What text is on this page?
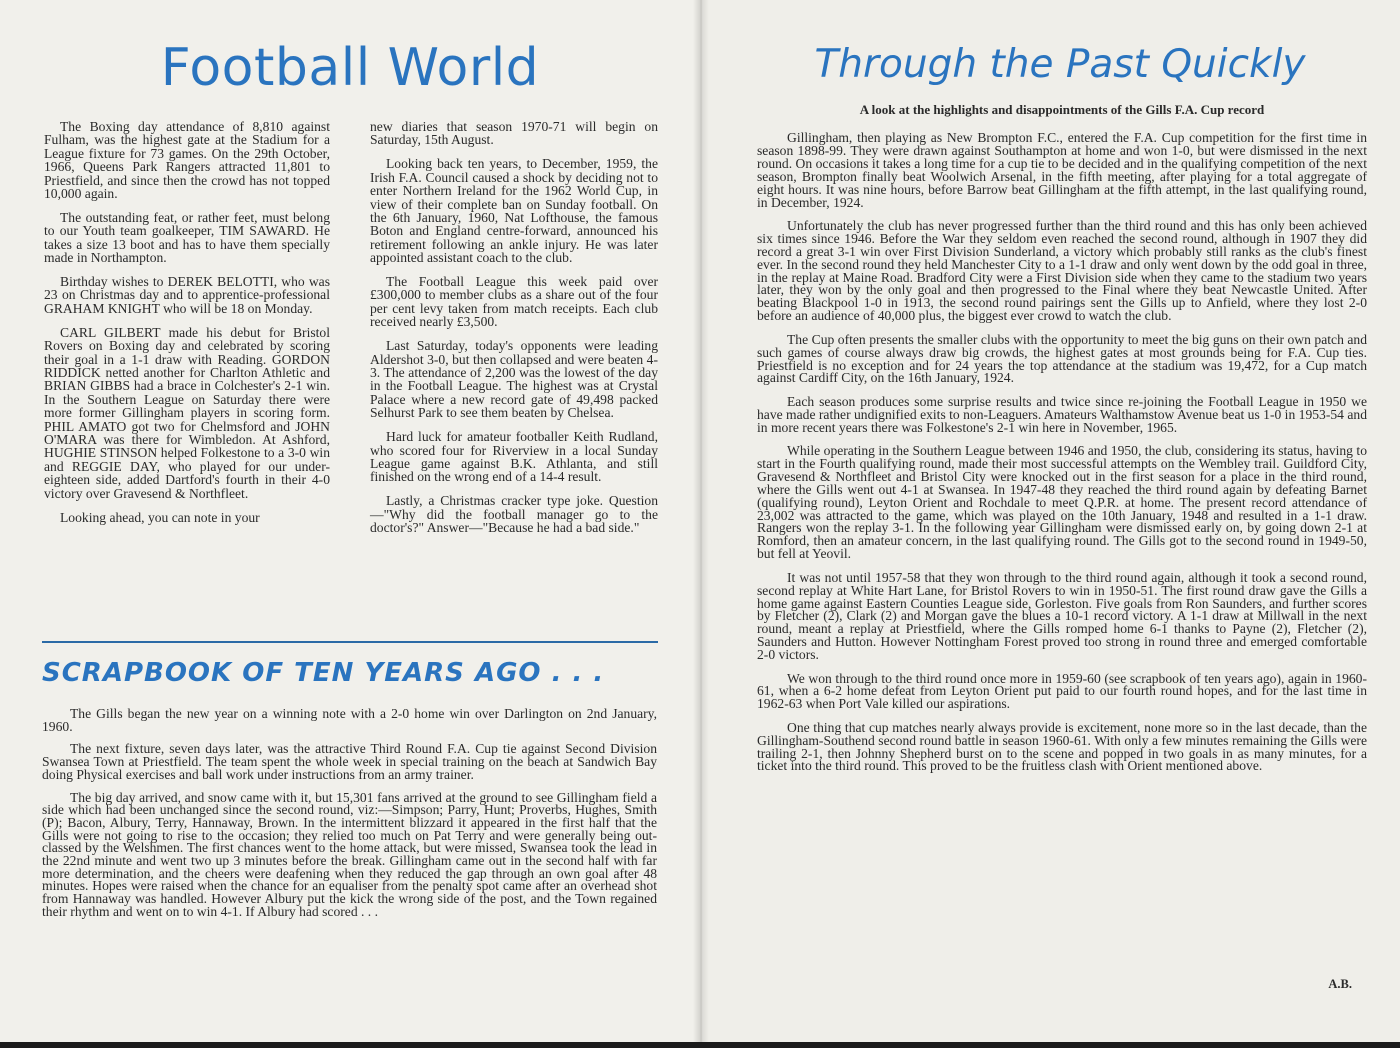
Football World

The Boxing day attendance of 8,810 against Fulham, was the highest gate at the Stadium for a League fixture for 73 games. On the 29th October, 1966, Queens Park Rangers attracted 11,801 to Priestfield, and since then the crowd has not topped 10,000 again.

The outstanding feat, or rather feet, must belong to our Youth team goalkeeper, TIM SAWARD. He takes a size 13 boot and has to have them specially made in Northampton.

Birthday wishes to DEREK BELOTTI, who was 23 on Christmas day and to apprentice-professional GRAHAM KNIGHT who will be 18 on Monday.

CARL GILBERT made his debut for Bristol Rovers on Boxing day and celebrated by scoring their goal in a 1-1 draw with Reading. GORDON RIDDICK netted another for Charlton Athletic and BRIAN GIBBS had a brace in Colchester's 2-1 win. In the Southern League on Saturday there were more former Gillingham players in scoring form. PHIL AMATO got two for Chelmsford and JOHN O'MARA was there for Wimbledon. At Ashford, HUGHIE STINSON helped Folkestone to a 3-0 win and REGGIE DAY, who played for our under-eighteen side, added Dartford's fourth in their 4-0 victory over Gravesend & Northfleet.

Looking ahead, you can note in your

new diaries that season 1970-71 will begin on Saturday, 15th August.

Looking back ten years, to December, 1959, the Irish F.A. Council caused a shock by deciding not to enter Northern Ireland for the 1962 World Cup, in view of their complete ban on Sunday football. On the 6th January, 1960, Nat Lofthouse, the famous Boton and England centre-forward, announced his retirement following an ankle injury. He was later appointed assistant coach to the club.

The Football League this week paid over £300,000 to member clubs as a share out of the four per cent levy taken from match receipts. Each club received nearly £3,500.

Last Saturday, today's opponents were leading Aldershot 3-0, but then collapsed and were beaten 4-3. The attendance of 2,200 was the lowest of the day in the Football League. The highest was at Crystal Palace where a new record gate of 49,498 packed Selhurst Park to see them beaten by Chelsea.

Hard luck for amateur footballer Keith Rudland, who scored four for Riverview in a local Sunday League game against B.K. Athlanta, and still finished on the wrong end of a 14-4 result.

Lastly, a Christmas cracker type joke. Question—"Why did the football manager go to the doctor's?" Answer—"Because he had a bad side."

SCRAPBOOK OF TEN YEARS AGO . . .

The Gills began the new year on a winning note with a 2-0 home win over Darlington on 2nd January, 1960.

The next fixture, seven days later, was the attractive Third Round F.A. Cup tie against Second Division Swansea Town at Priestfield. The team spent the whole week in special training on the beach at Sandwich Bay doing Physical exercises and ball work under instructions from an army trainer.

The big day arrived, and snow came with it, but 15,301 fans arrived at the ground to see Gillingham field a side which had been unchanged since the second round, viz:—Simpson; Parry, Hunt; Proverbs, Hughes, Smith (P); Bacon, Albury, Terry, Hannaway, Brown. In the intermittent blizzard it appeared in the first half that the Gills were not going to rise to the occasion; they relied too much on Pat Terry and were generally being out-classed by the Welshmen. The first chances went to the home attack, but were missed, Swansea took the lead in the 22nd minute and went two up 3 minutes before the break. Gillingham came out in the second half with far more determination, and the cheers were deafening when they reduced the gap through an own goal after 48 minutes. Hopes were raised when the chance for an equaliser from the penalty spot came after an overhead shot from Hannaway was handled. However Albury put the kick the wrong side of the post, and the Town regained their rhythm and went on to win 4-1. If Albury had scored . . .

Through the Past Quickly

A look at the highlights and disappointments of the Gills F.A. Cup record

Gillingham, then playing as New Brompton F.C., entered the F.A. Cup competition for the first time in season 1898-99. They were drawn against Southampton at home and won 1-0, but were dismissed in the next round. On occasions it takes a long time for a cup tie to be decided and in the qualifying competition of the next season, Brompton finally beat Woolwich Arsenal, in the fifth meeting, after playing for a total aggregate of eight hours. It was nine hours, before Barrow beat Gillingham at the fifth attempt, in the last qualifying round, in December, 1924.

Unfortunately the club has never progressed further than the third round and this has only been achieved six times since 1946. Before the War they seldom even reached the second round, although in 1907 they did record a great 3-1 win over First Division Sunderland, a victory which probably still ranks as the club's finest ever. In the second round they held Manchester City to a 1-1 draw and only went down by the odd goal in three, in the replay at Maine Road. Bradford City were a First Division side when they came to the stadium two years later, they won by the only goal and then progressed to the Final where they beat Newcastle United. After beating Blackpool 1-0 in 1913, the second round pairings sent the Gills up to Anfield, where they lost 2-0 before an audience of 40,000 plus, the biggest ever crowd to watch the club.

The Cup often presents the smaller clubs with the opportunity to meet the big guns on their own patch and such games of course always draw big crowds, the highest gates at most grounds being for F.A. Cup ties. Priestfield is no exception and for 24 years the top attendance at the stadium was 19,472, for a Cup match against Cardiff City, on the 16th January, 1924.

Each season produces some surprise results and twice since re-joining the Football League in 1950 we have made rather undignified exits to non-Leaguers. Amateurs Walthamstow Avenue beat us 1-0 in 1953-54 and in more recent years there was Folkestone's 2-1 win here in November, 1965.

While operating in the Southern League between 1946 and 1950, the club, considering its status, having to start in the Fourth qualifying round, made their most successful attempts on the Wembley trail. Guildford City, Gravesend & Northfleet and Bristol City were knocked out in the first season for a place in the third round, where the Gills went out 4-1 at Swansea. In 1947-48 they reached the third round again by defeating Barnet (qualifying round), Leyton Orient and Rochdale to meet Q.P.R. at home. The present record attendance of 23,002 was attracted to the game, which was played on the 10th January, 1948 and resulted in a 1-1 draw. Rangers won the replay 3-1. In the following year Gillingham were dismissed early on, by going down 2-1 at Romford, then an amateur concern, in the last qualifying round. The Gills got to the second round in 1949-50, but fell at Yeovil.

It was not until 1957-58 that they won through to the third round again, although it took a second round, second replay at White Hart Lane, for Bristol Rovers to win in 1950-51. The first round draw gave the Gills a home game against Eastern Counties League side, Gorleston. Five goals from Ron Saunders, and further scores by Fletcher (2), Clark (2) and Morgan gave the blues a 10-1 record victory. A 1-1 draw at Millwall in the next round, meant a replay at Priestfield, where the Gills romped home 6-1 thanks to Payne (2), Fletcher (2), Saunders and Hutton. However Nottingham Forest proved too strong in round three and emerged comfortable 2-0 victors.

We won through to the third round once more in 1959-60 (see scrapbook of ten years ago), again in 1960-61, when a 6-2 home defeat from Leyton Orient put paid to our fourth round hopes, and for the last time in 1962-63 when Port Vale killed our aspirations.

One thing that cup matches nearly always provide is excitement, none more so in the last decade, than the Gillingham-Southend second round battle in season 1960-61. With only a few minutes remaining the Gills were trailing 2-1, then Johnny Shepherd burst on to the scene and popped in two goals in as many minutes, for a ticket into the third round. This proved to be the fruitless clash with Orient mentioned above.

A.B.
